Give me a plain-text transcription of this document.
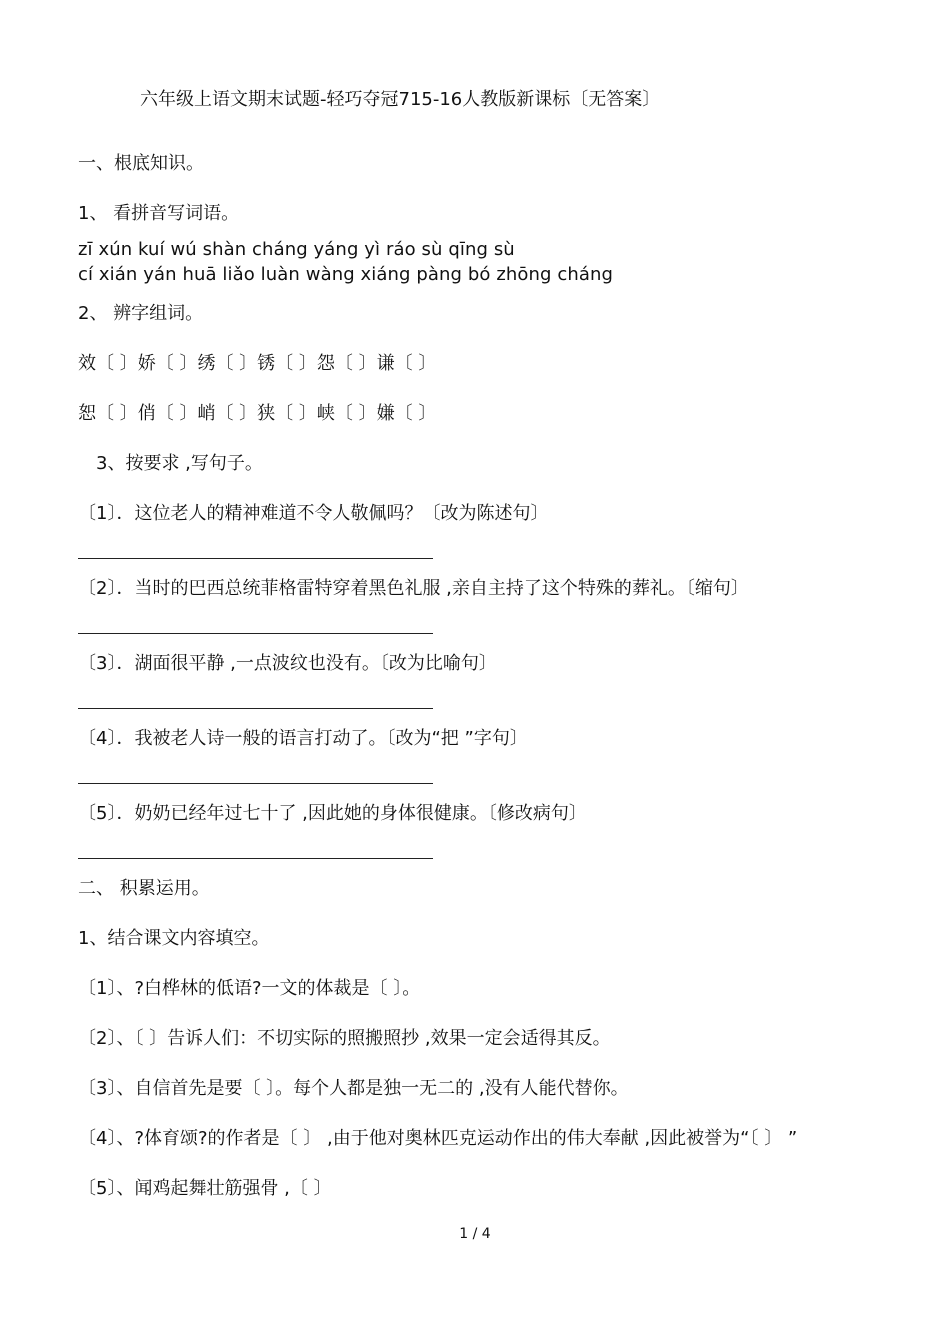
六年级上语文期末试题-轻巧夺冠715-16人教版新课标〔无答案〕
一、根底知识。
1、 看拼音写词语。
zī xún kuí wú shàn cháng yáng yì ráo sù qīng sù
cí xián yán huā liǎo luàn wàng xiáng pàng bó zhōng cháng
2、 辨字组词。
效〔 〕娇〔 〕绣〔 〕锈〔 〕怨〔 〕谦〔 〕
恕〔 〕俏〔 〕峭〔 〕狭〔 〕峡〔 〕嫌〔 〕
3、按要求 ,写句子。
〔1〕．这位老人的精神难道不令人敬佩吗？〔改为陈述句〕
〔2〕．当时的巴西总统菲格雷特穿着黑色礼服 ,亲自主持了这个特殊的葬礼。〔缩句〕
〔3〕．湖面很平静 ,一点波纹也没有。〔改为比喻句〕
〔4〕．我被老人诗一般的语言打动了。〔改为“把 ”字句〕
〔5〕．奶奶已经年过七十了 ,因此她的身体很健康。〔修改病句〕
二、 积累运用。
1、结合课文内容填空。
〔1〕、?白桦林的低语?一文的体裁是〔 〕。
〔2〕、〔 〕告诉人们：不切实际的照搬照抄 ,效果一定会适得其反。
〔3〕、自信首先是要〔 〕。每个人都是独一无二的 ,没有人能代替你。
〔4〕、?体育颂?的作者是〔 〕 ,由于他对奥林匹克运动作出的伟大奉献 ,因此被誉为“〔 〕 ”
〔5〕、闻鸡起舞壮筋强骨 ,〔 〕
1 / 4
